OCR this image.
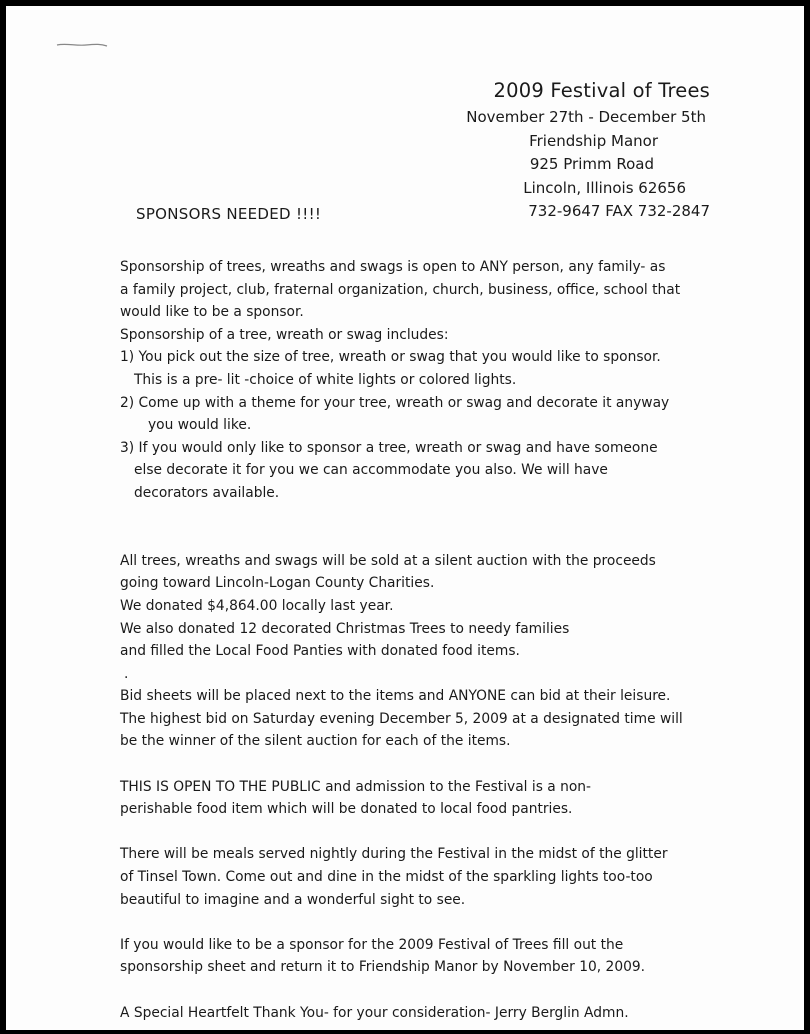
2009 Festival of Trees
November 27th - December 5th
Friendship Manor
925 Primm Road
Lincoln, Illinois 62656
732-9647 FAX 732-2847
SPONSORS NEEDED !!!!

Sponsorship of trees, wreaths and swags is open to ANY person, any family- as

a family project, club, fraternal organization, church, business, office, school that

would like to be a sponsor.

Sponsorship of a tree, wreath or swag includes:

1) You pick out the size of tree, wreath or swag that you would like to sponsor.

This is a pre- lit -choice of white lights or colored lights.

2) Come up with a theme for your tree, wreath or swag and decorate it anyway

you would like.

3) If you would only like to sponsor a tree, wreath or swag and have someone

else decorate it for you we can accommodate you also. We will have

decorators available.

All trees, wreaths and swags will be sold at a silent auction with the proceeds

going toward Lincoln-Logan County Charities.

We donated $4,864.00 locally last year.

We also donated 12 decorated Christmas Trees to needy families

and filled the Local Food Panties with donated food items.

.

Bid sheets will be placed next to the items and ANYONE can bid at their leisure.

The highest bid on Saturday evening December 5, 2009 at a designated time will

be the winner of the silent auction for each of the items.

THIS IS OPEN TO THE PUBLIC and admission to the Festival is a non-

perishable food item which will be donated to local food pantries.

There will be meals served nightly during the Festival in the midst of the glitter

of Tinsel Town. Come out and dine in the midst of the sparkling lights too-too

beautiful to imagine and a wonderful sight to see.

If you would like to be a sponsor for the 2009 Festival of Trees fill out the

sponsorship sheet and return it to Friendship Manor by November 10, 2009.

A Special Heartfelt Thank You- for your consideration- Jerry Berglin Admn.
